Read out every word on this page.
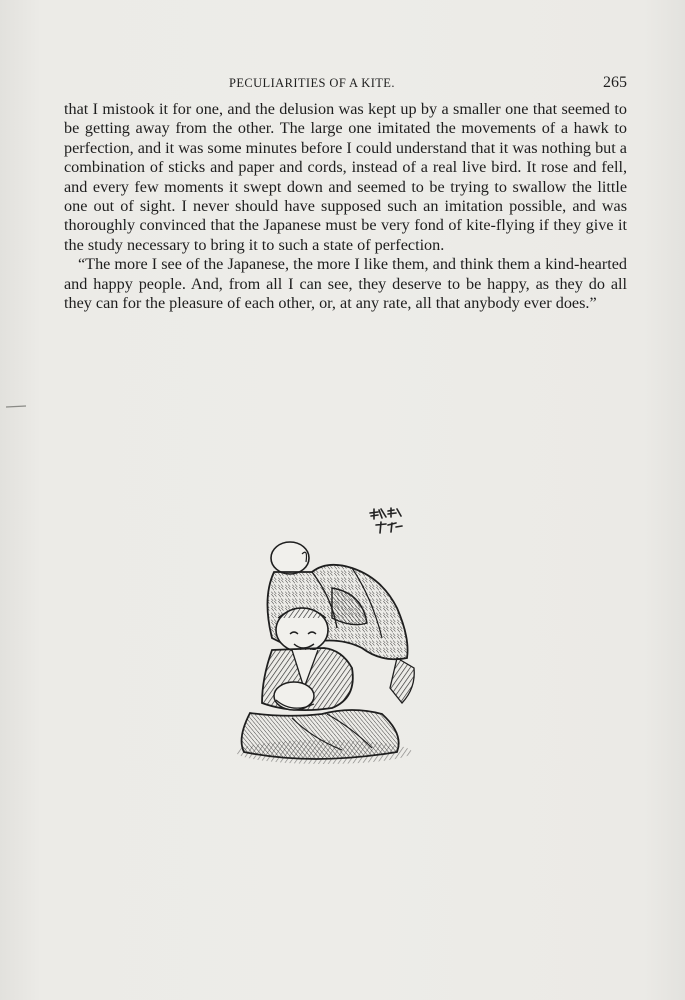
PECULIARITIES OF A KITE.	265

that I mistook it for one, and the delusion was kept up by a smaller one that seemed to be getting away from the other. The large one imitated the movements of a hawk to perfection, and it was some minutes before I could understand that it was nothing but a combination of sticks and paper and cords, instead of a real live bird. It rose and fell, and every few moments it swept down and seemed to be trying to swallow the little one out of sight. I never should have supposed such an imitation possible, and was thoroughly convinced that the Japanese must be very fond of kite-flying if they give it the study necessary to bring it to such a state of perfection.

“The more I see of the Japanese, the more I like them, and think them a kind-hearted and happy people. And, from all I can see, they deserve to be happy, as they do all they can for the pleasure of each other, or, at any rate, all that anybody ever does.”
